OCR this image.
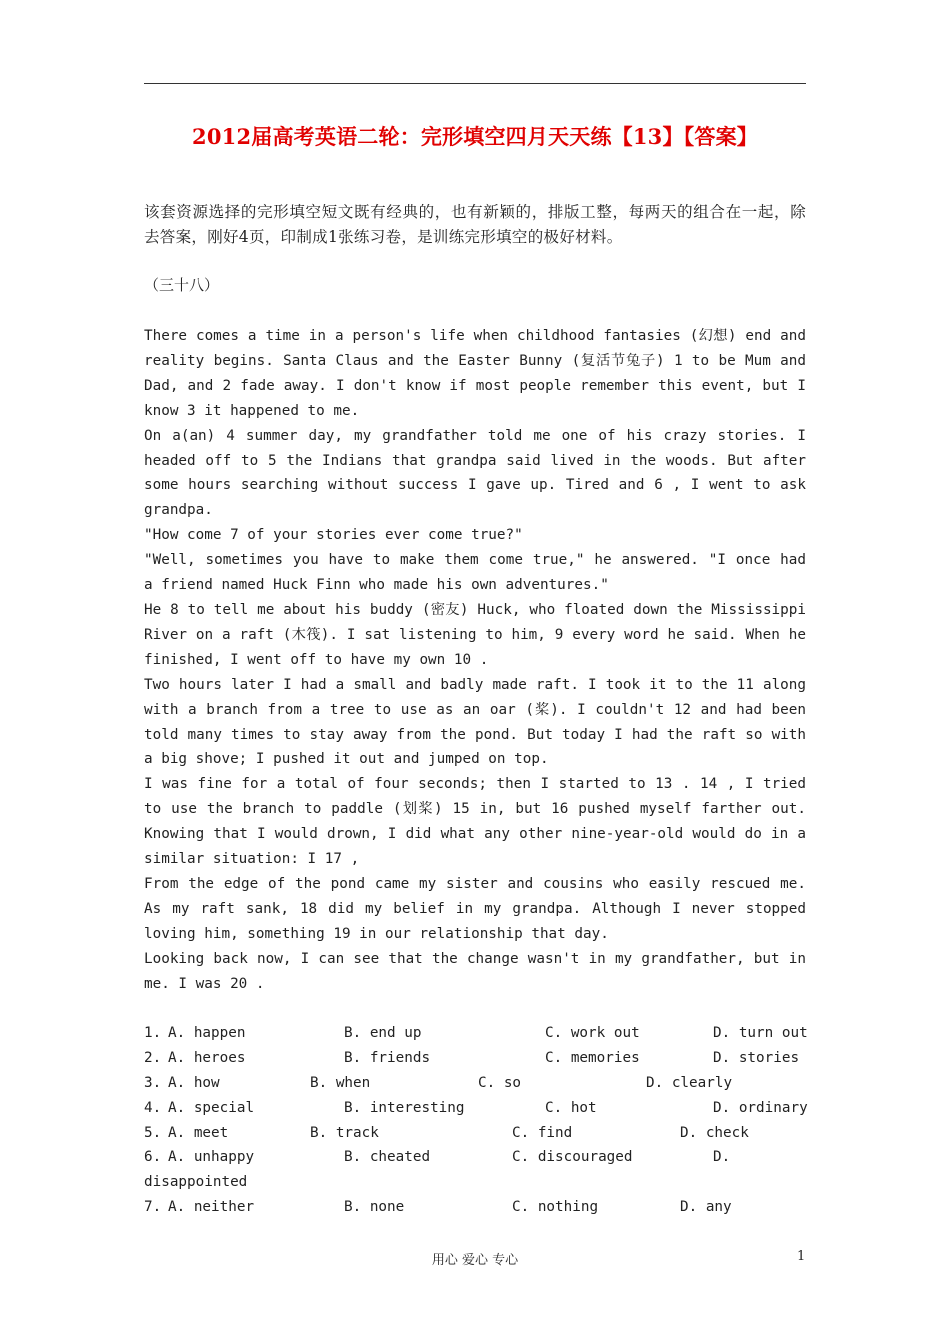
2012届高考英语二轮：完形填空四月天天练【13】【答案】
该套资源选择的完形填空短文既有经典的，也有新颖的，排版工整，每两天的组合在一起，除去答案，刚好4页，印制成1张练习卷，是训练完形填空的极好材料。
（三十八）

There comes a time in a person's life when childhood fantasies (幻想) end and reality begins. Santa Claus and the Easter Bunny (复活节兔子) 1 to be Mum and Dad, and 2 fade away. I don't know if most people remember this event, but I know 3 it happened to me.

On a(an) 4 summer day, my grandfather told me one of his crazy stories. I headed off to 5 the Indians that grandpa said lived in the woods. But after some hours searching without success I gave up. Tired and 6 , I went to ask grandpa.

"How come 7 of your stories ever come true?"

"Well, sometimes you have to make them come true," he answered. "I once had a friend named Huck Finn who made his own adventures."

He 8 to tell me about his buddy (密友) Huck, who floated down the Mississippi River on a raft (木筏). I sat listening to him, 9 every word he said. When he finished, I went off to have my own 10 .

Two hours later I had a small and badly made raft. I took it to the 11 along with a branch from a tree to use as an oar (桨). I couldn't 12 and had been told many times to stay away from the pond. But today I had the raft so with a big shove; I pushed it out and jumped on top.

I was fine for a total of four seconds; then I started to 13 . 14 , I tried to use the branch to paddle (划桨) 15 in, but 16 pushed myself farther out. Knowing that I would drown, I did what any other nine-year-old would do in a similar situation: I 17 ,

From the edge of the pond came my sister and cousins who easily rescued me. As my raft sank, 18 did my belief in my grandpa. Although I never stopped loving him, something 19 in our relationship that day.

Looking back now, I can see that the change wasn't in my grandfather, but in me. I was 20 .

1. A. happen	B. end up	C. work out	D. turn out
2. A. heroes	B. friends	C. memories	D. stories
3. A. how	B. when	C. so	D. clearly
4. A. special	B. interesting	C. hot	D. ordinary
5. A. meet	B. track	C. find	D. check
6. A. unhappy	B. cheated	C. discouraged	D.
disappointed
7. A. neither	B. none	C. nothing	D. any
用心 爱心 专心	1
